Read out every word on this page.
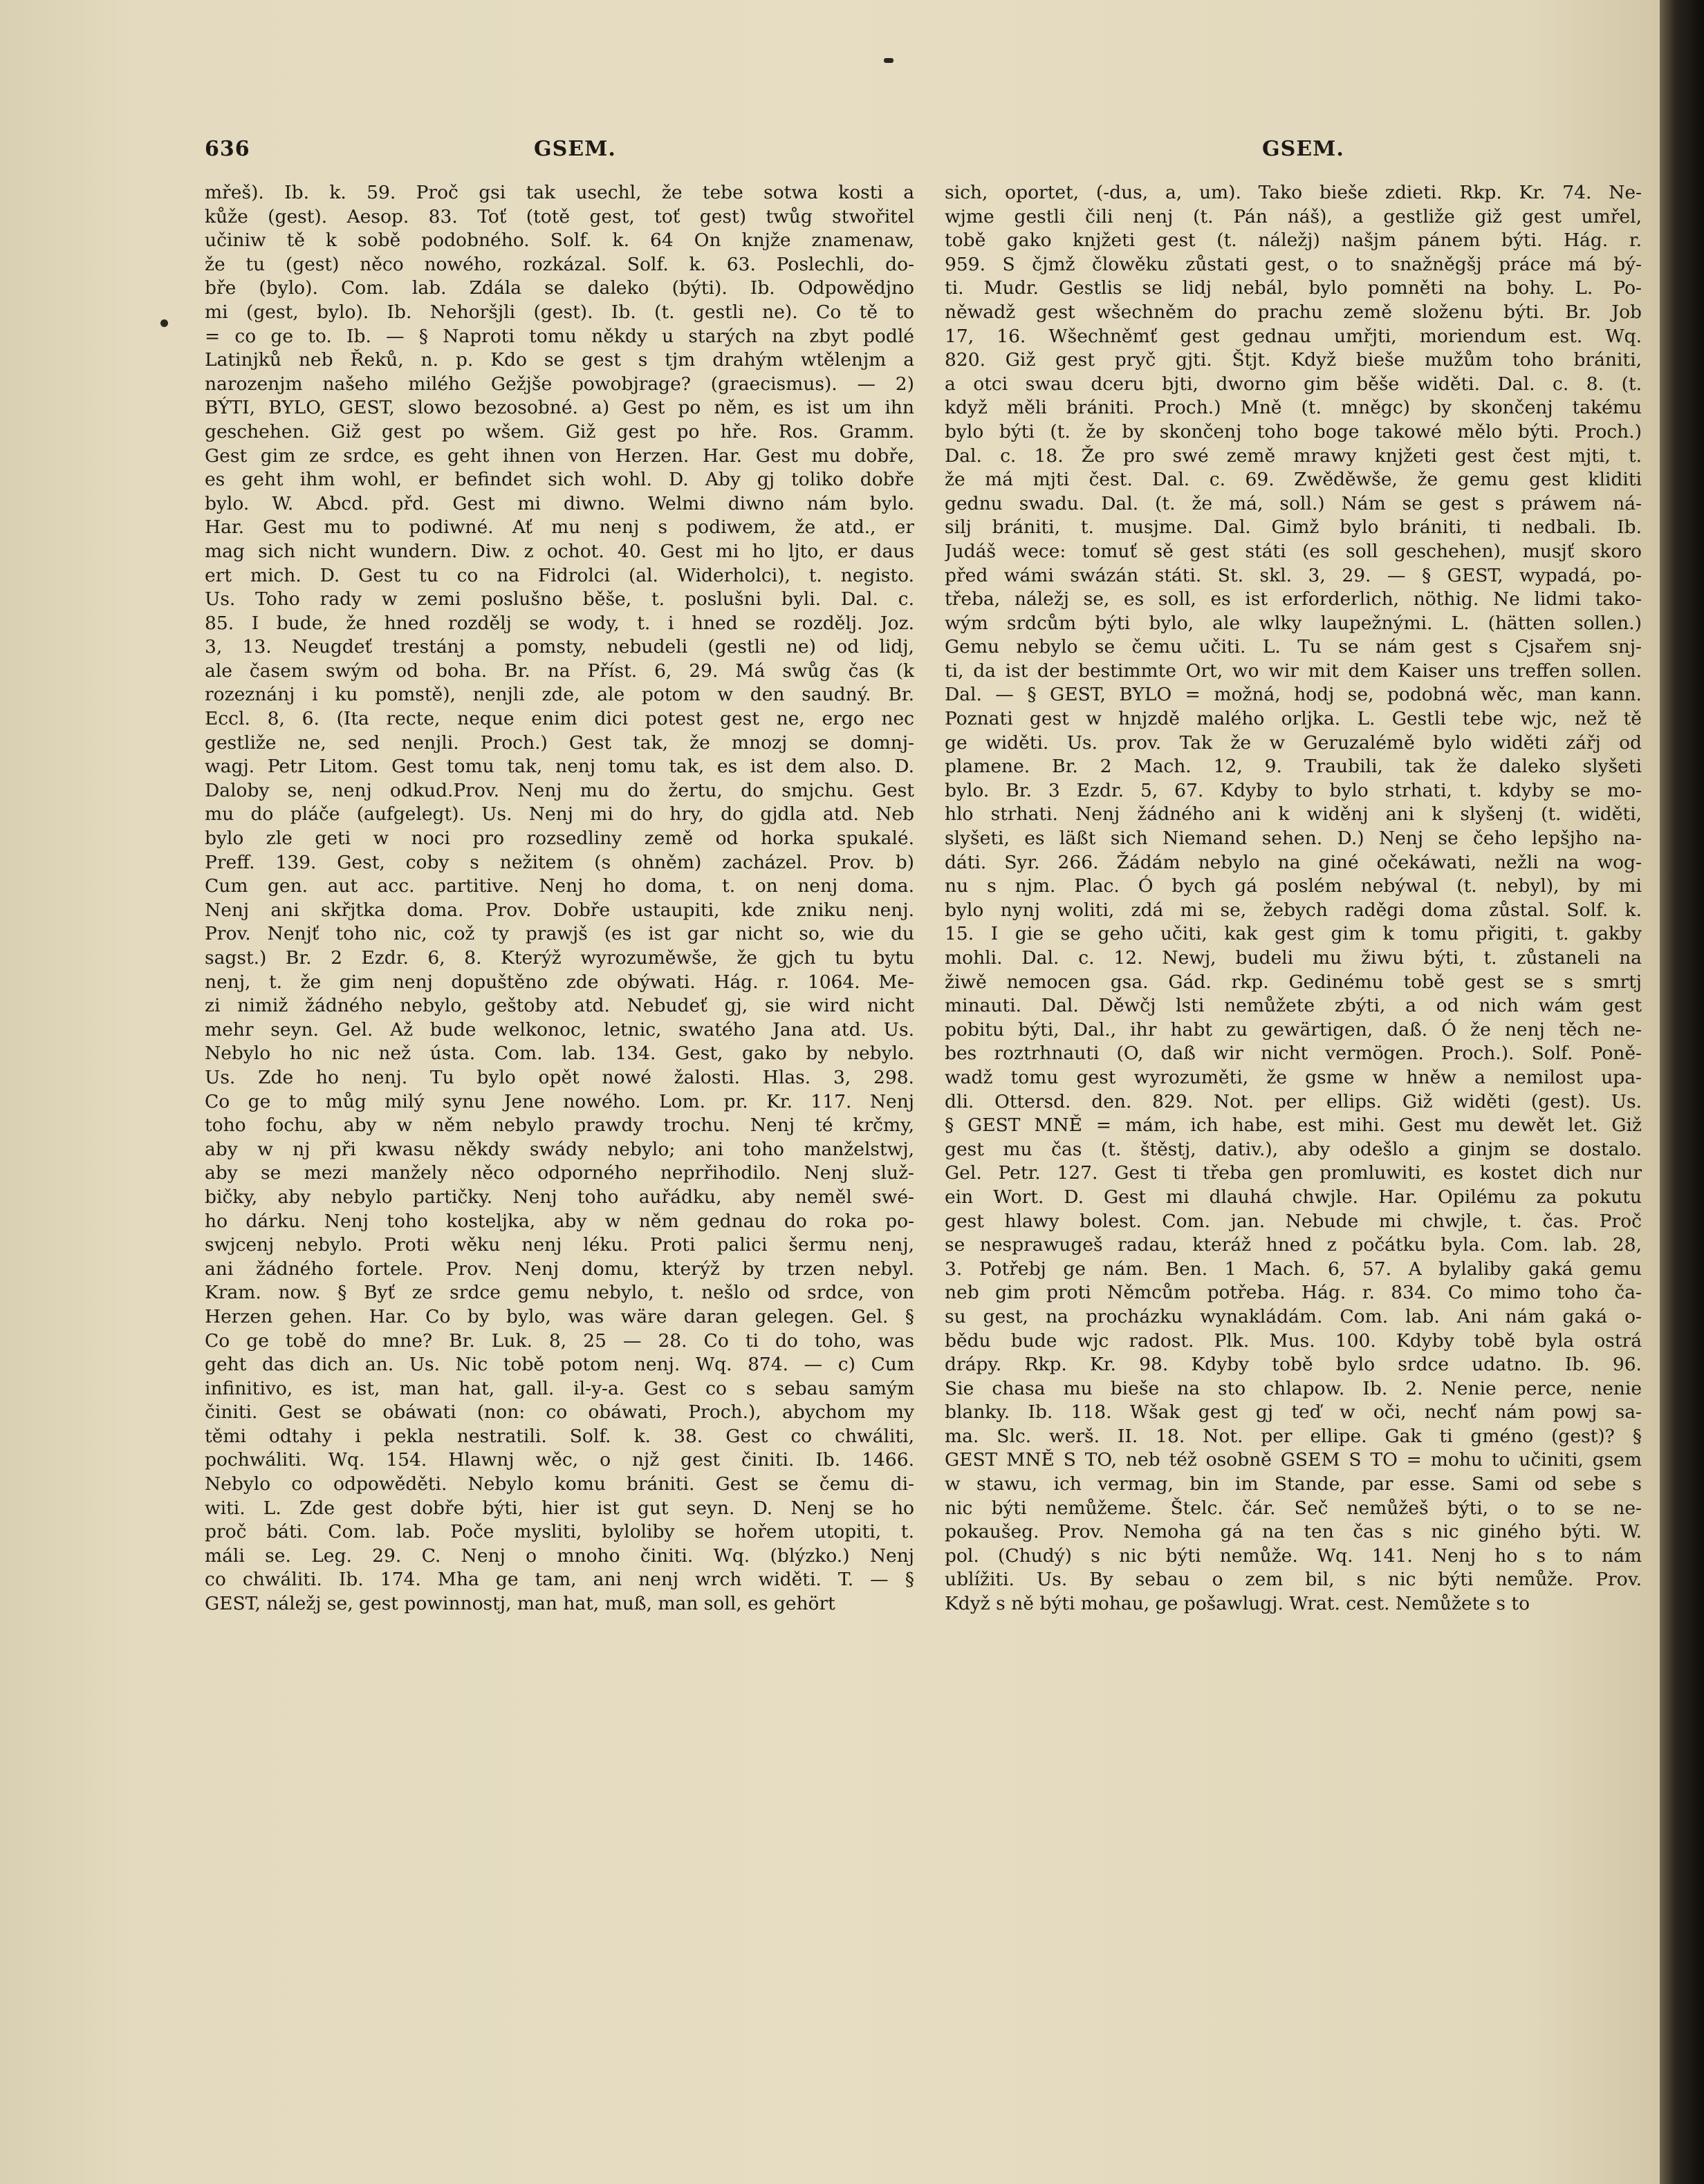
636	GSEM.	GSEM.
mřeš). Ib. k. 59. Proč gsi tak usechl, že tebe sotwa kosti a
kůže (gest). Aesop. 83. Toť (totě gest, toť gest) twůg stwořitel
učiniw tě k sobě podobného. Solf. k. 64 On knjže znamenaw,
že tu (gest) něco nowého, rozkázal. Solf. k. 63. Poslechli, do-
bře (bylo). Com. lab. Zdála se daleko (býti). Ib. Odpowědjno
mi (gest, bylo). Ib. Nehoršjli (gest). Ib. (t. gestli ne). Co tě to
= co ge to. Ib. — § Naproti tomu někdy u starých na zbyt podlé
Latinjků neb Řeků, n. p. Kdo se gest s tjm drahým wtělenjm a
narozenjm našeho milého Gežjše powobjrage? (graecismus). — 2)
BÝTI, BYLO, GEST, slowo bezosobné. a) Gest po něm, es ist um ihn
geschehen. Giž gest po wšem. Giž gest po hře. Ros. Gramm.
Gest gim ze srdce, es geht ihnen von Herzen. Har. Gest mu dobře,
es geht ihm wohl, er befindet sich wohl. D. Aby gj toliko dobře
bylo. W. Abcd. přd. Gest mi diwno. Welmi diwno nám bylo.
Har. Gest mu to podiwné. Ať mu nenj s podiwem, že atd., er
mag sich nicht wundern. Diw. z ochot. 40. Gest mi ho ljto, er daus
ert mich. D. Gest tu co na Fidrolci (al. Widerholci), t. negisto.
Us. Toho rady w zemi poslušno běše, t. poslušni byli. Dal. c.
85. I bude, že hned rozdělj se wody, t. i hned se rozdělj. Joz.
3, 13. Neugdeť trestánj a pomsty, nebudeli (gestli ne) od lidj,
ale časem swým od boha. Br. na Příst. 6, 29. Má swůg čas (k
rozeznánj i ku pomstě), nenjli zde, ale potom w den saudný. Br.
Eccl. 8, 6. (Ita recte, neque enim dici potest gest ne, ergo nec
gestliže ne, sed nenjli. Proch.) Gest tak, že mnozj se domnj-
wagj. Petr Litom. Gest tomu tak, nenj tomu tak, es ist dem also. D.
Daloby se, nenj odkud.Prov. Nenj mu do žertu, do smjchu. Gest
mu do pláče (aufgelegt). Us. Nenj mi do hry, do gjdla atd. Neb
bylo zle geti w noci pro rozsedliny země od horka spukalé.
Preff. 139. Gest, coby s nežitem (s ohněm) zacházel. Prov. b)
Cum gen. aut acc. partitive. Nenj ho doma, t. on nenj doma.
Nenj ani skřjtka doma. Prov. Dobře ustaupiti, kde zniku nenj.
Prov. Nenjť toho nic, což ty prawjš (es ist gar nicht so, wie du
sagst.) Br. 2 Ezdr. 6, 8. Kterýž wyrozuměwše, že gjch tu bytu
nenj, t. že gim nenj dopuštěno zde obýwati. Hág. r. 1064. Me-
zi nimiž žádného nebylo, geštoby atd. Nebudeť gj, sie wird nicht
mehr seyn. Gel. Až bude welkonoc, letnic, swatého Jana atd. Us.
Nebylo ho nic než ústa. Com. lab. 134. Gest, gako by nebylo.
Us. Zde ho nenj. Tu bylo opět nowé žalosti. Hlas. 3, 298.
Co ge to můg milý synu Jene nowého. Lom. pr. Kr. 117. Nenj
toho fochu, aby w něm nebylo prawdy trochu. Nenj té krčmy,
aby w nj při kwasu někdy swády nebylo; ani toho manželstwj,
aby se mezi manžely něco odporného neprřihodilo. Nenj služ-
bičky, aby nebylo partičky. Nenj toho auřádku, aby neměl swé-
ho dárku. Nenj toho kosteljka, aby w něm gednau do roka po-
swjcenj nebylo. Proti wěku nenj léku. Proti palici šermu nenj,
ani žádného fortele. Prov. Nenj domu, kterýž by trzen nebyl.
Kram. now. § Byť ze srdce gemu nebylo, t. nešlo od srdce, von
Herzen gehen. Har. Co by bylo, was wäre daran gelegen. Gel. §
Co ge tobě do mne? Br. Luk. 8, 25 — 28. Co ti do toho, was
geht das dich an. Us. Nic tobě potom nenj. Wq. 874. — c) Cum
infinitivo, es ist, man hat, gall. il-y-a. Gest co s sebau samým
činiti. Gest se obáwati (non: co obáwati, Proch.), abychom my
těmi odtahy i pekla nestratili. Solf. k. 38. Gest co chwáliti,
pochwáliti. Wq. 154. Hlawnj wěc, o njž gest činiti. Ib. 1466.
Nebylo co odpowěděti. Nebylo komu brániti. Gest se čemu di-
witi. L. Zde gest dobře býti, hier ist gut seyn. D. Nenj se ho
proč báti. Com. lab. Poče mysliti, byloliby se hořem utopiti, t.
máli se. Leg. 29. C. Nenj o mnoho činiti. Wq. (blýzko.) Nenj
co chwáliti. Ib. 174. Mha ge tam, ani nenj wrch widěti. T. — §
GEST, náležj se, gest powinnostj, man hat, muß, man soll, es gehört
sich, oportet, (-dus, a, um). Tako bieše zdieti. Rkp. Kr. 74. Ne-
wjme gestli čili nenj (t. Pán náš), a gestliže giž gest umřel,
tobě gako knjžeti gest (t. náležj) našjm pánem býti. Hág. r.
959. S čjmž člowěku zůstati gest, o to snažněgšj práce má bý-
ti. Mudr. Gestlis se lidj nebál, bylo pomněti na bohy. L. Po-
něwadž gest wšechněm do prachu země složenu býti. Br. Job
17, 16. Wšechněmť gest gednau umřjti, moriendum est. Wq.
820. Giž gest pryč gjti. Štjt. Když bieše mužům toho brániti,
a otci swau dceru bjti, dworno gim běše widěti. Dal. c. 8. (t.
když měli brániti. Proch.) Mně (t. mněgc) by skončenj takému
bylo býti (t. že by skončenj toho boge takowé mělo býti. Proch.)
Dal. c. 18. Že pro swé země mrawy knjžeti gest čest mjti, t.
že má mjti čest. Dal. c. 69. Zwěděwše, že gemu gest kliditi
gednu swadu. Dal. (t. že má, soll.) Nám se gest s práwem ná-
silj brániti, t. musjme. Dal. Gimž bylo brániti, ti nedbali. Ib.
Judáš wece: tomuť sě gest státi (es soll geschehen), musjť skoro
před wámi swázán státi. St. skl. 3, 29. — § GEST, wypadá, po-
třeba, náležj se, es soll, es ist erforderlich, nöthig. Ne lidmi tako-
wým srdcům býti bylo, ale wlky laupežnými. L. (hätten sollen.)
Gemu nebylo se čemu učiti. L. Tu se nám gest s Cjsařem snj-
ti, da ist der bestimmte Ort, wo wir mit dem Kaiser uns treffen sollen.
Dal. — § GEST, BYLO = možná, hodj se, podobná wěc, man kann.
Poznati gest w hnjzdě malého orljka. L. Gestli tebe wjc, než tě
ge widěti. Us. prov. Tak že w Geruzalémě bylo widěti zářj od
plamene. Br. 2 Mach. 12, 9. Traubili, tak že daleko slyšeti
bylo. Br. 3 Ezdr. 5, 67. Kdyby to bylo strhati, t. kdyby se mo-
hlo strhati. Nenj žádného ani k widěnj ani k slyšenj (t. widěti,
slyšeti, es läßt sich Niemand sehen. D.) Nenj se čeho lepšjho na-
dáti. Syr. 266. Žádám nebylo na giné očekáwati, nežli na wog-
nu s njm. Plac. Ó bych gá poslém nebýwal (t. nebyl), by mi
bylo nynj woliti, zdá mi se, žebych raděgi doma zůstal. Solf. k.
15. I gie se geho učiti, kak gest gim k tomu přigiti, t. gakby
mohli. Dal. c. 12. Newj, budeli mu žiwu býti, t. zůstaneli na
žiwě nemocen gsa. Gád. rkp. Gedinému tobě gest se s smrtj
minauti. Dal. Děwčj lsti nemůžete zbýti, a od nich wám gest
pobitu býti, Dal., ihr habt zu gewärtigen, daß. Ó že nenj těch ne-
bes roztrhnauti (O, daß wir nicht vermögen. Proch.). Solf. Poně-
wadž tomu gest wyrozuměti, že gsme w hněw a nemilost upa-
dli. Ottersd. den. 829. Not. per ellips. Giž widěti (gest). Us.
§ GEST MNĚ = mám, ich habe, est mihi. Gest mu dewět let. Giž
gest mu čas (t. štěstj, dativ.), aby odešlo a ginjm se dostalo.
Gel. Petr. 127. Gest ti třeba gen promluwiti, es kostet dich nur
ein Wort. D. Gest mi dlauhá chwjle. Har. Opilému za pokutu
gest hlawy bolest. Com. jan. Nebude mi chwjle, t. čas. Proč
se nesprawugeš radau, kteráž hned z počátku byla. Com. lab. 28,
3. Potřebj ge nám. Ben. 1 Mach. 6, 57. A bylaliby gaká gemu
neb gim proti Němcům potřeba. Hág. r. 834. Co mimo toho ča-
su gest, na procházku wynakládám. Com. lab. Ani nám gaká o-
bědu bude wjc radost. Plk. Mus. 100. Kdyby tobě byla ostrá
drápy. Rkp. Kr. 98. Kdyby tobě bylo srdce udatno. Ib. 96.
Sie chasa mu bieše na sto chlapow. Ib. 2. Nenie perce, nenie
blanky. Ib. 118. Wšak gest gj teď w oči, nechť nám powj sa-
ma. Slc. werš. II. 18. Not. per ellipe. Gak ti gméno (gest)? §
GEST MNĚ S TO, neb též osobně GSEM S TO = mohu to učiniti, gsem
w stawu, ich vermag, bin im Stande, par esse. Sami od sebe s
nic býti nemůžeme. Štelc. čár. Seč nemůžeš býti, o to se ne-
pokaušeg. Prov. Nemoha gá na ten čas s nic giného býti. W.
pol. (Chudý) s nic býti nemůže. Wq. 141. Nenj ho s to nám
ublížiti. Us. By sebau o zem bil, s nic býti nemůže. Prov.
Když s ně býti mohau, ge pošawlugj. Wrat. cest. Nemůžete s to
